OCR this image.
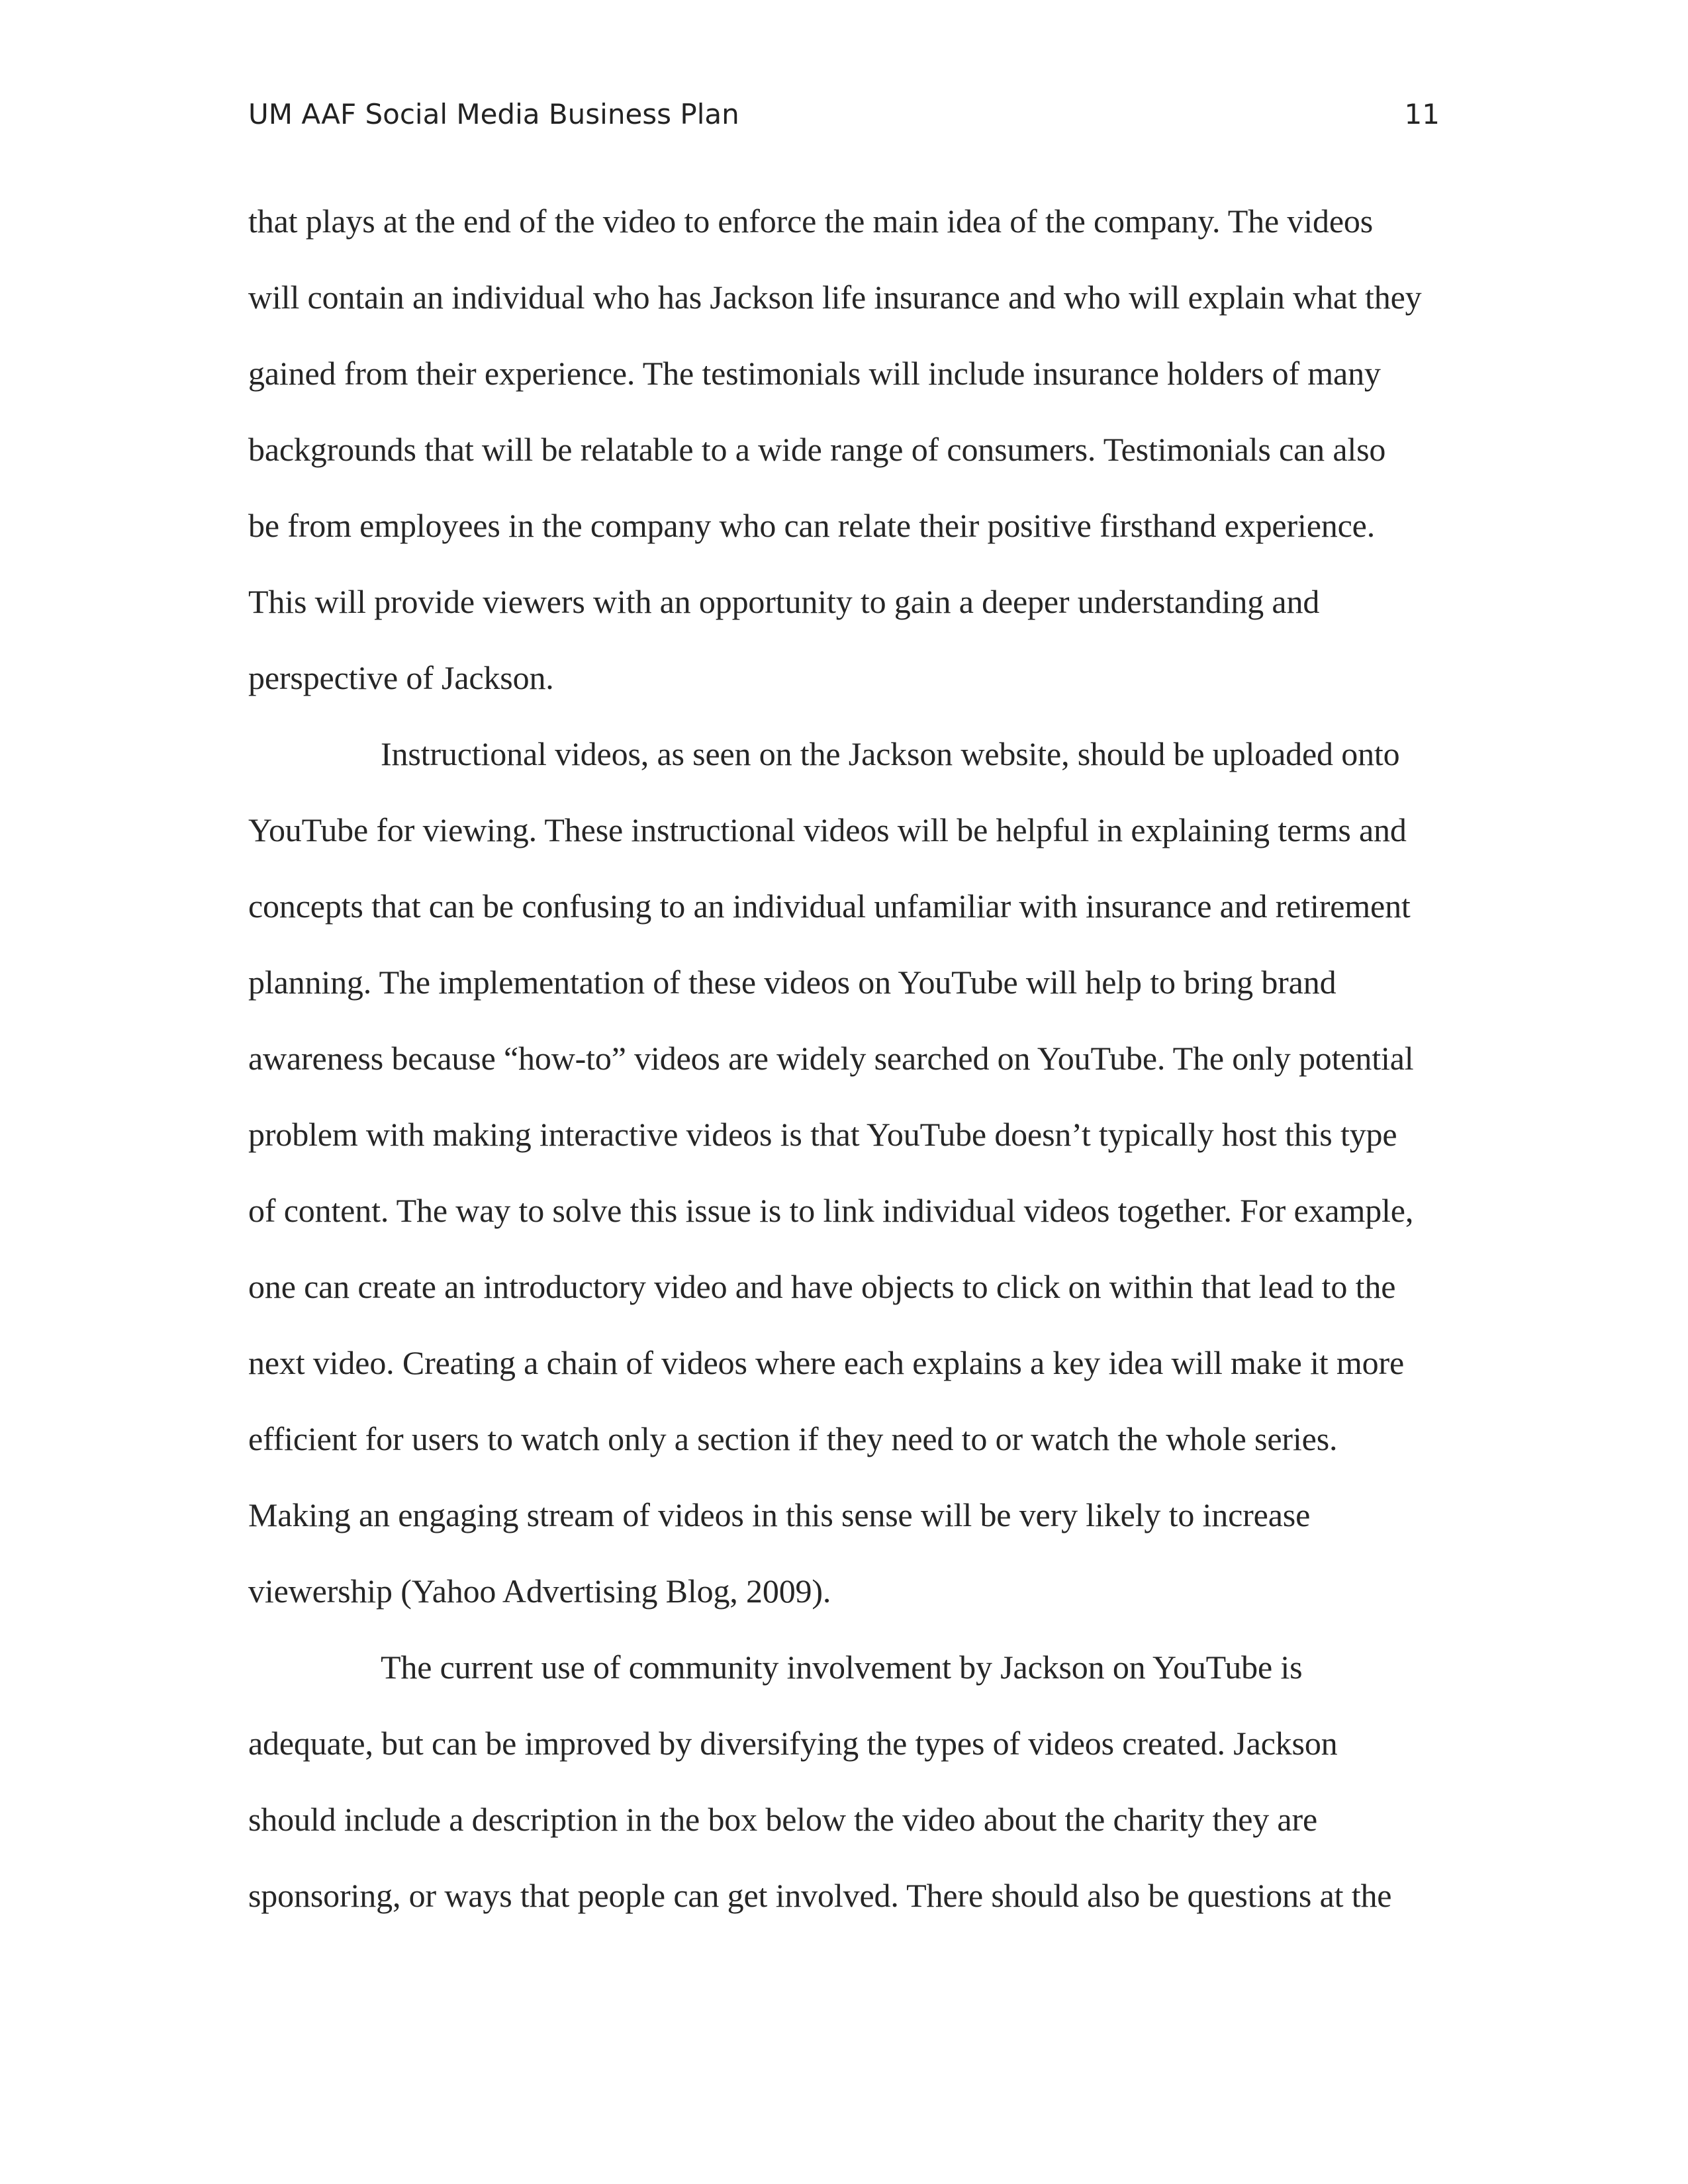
UM AAF Social Media Business Plan	11
that plays at the end of the video to enforce the main idea of the company. The videos
will contain an individual who has Jackson life insurance and who will explain what they
gained from their experience. The testimonials will include insurance holders of many
backgrounds that will be relatable to a wide range of consumers. Testimonials can also
be from employees in the company who can relate their positive firsthand experience.
This will provide viewers with an opportunity to gain a deeper understanding and
perspective of Jackson.
Instructional videos, as seen on the Jackson website, should be uploaded onto
YouTube for viewing. These instructional videos will be helpful in explaining terms and
concepts that can be confusing to an individual unfamiliar with insurance and retirement
planning. The implementation of these videos on YouTube will help to bring brand
awareness because “how-to” videos are widely searched on YouTube. The only potential
problem with making interactive videos is that YouTube doesn’t typically host this type
of content. The way to solve this issue is to link individual videos together. For example,
one can create an introductory video and have objects to click on within that lead to the
next video. Creating a chain of videos where each explains a key idea will make it more
efficient for users to watch only a section if they need to or watch the whole series.
Making an engaging stream of videos in this sense will be very likely to increase
viewership (Yahoo Advertising Blog, 2009).
The current use of community involvement by Jackson on YouTube is
adequate, but can be improved by diversifying the types of videos created. Jackson
should include a description in the box below the video about the charity they are
sponsoring, or ways that people can get involved. There should also be questions at the
